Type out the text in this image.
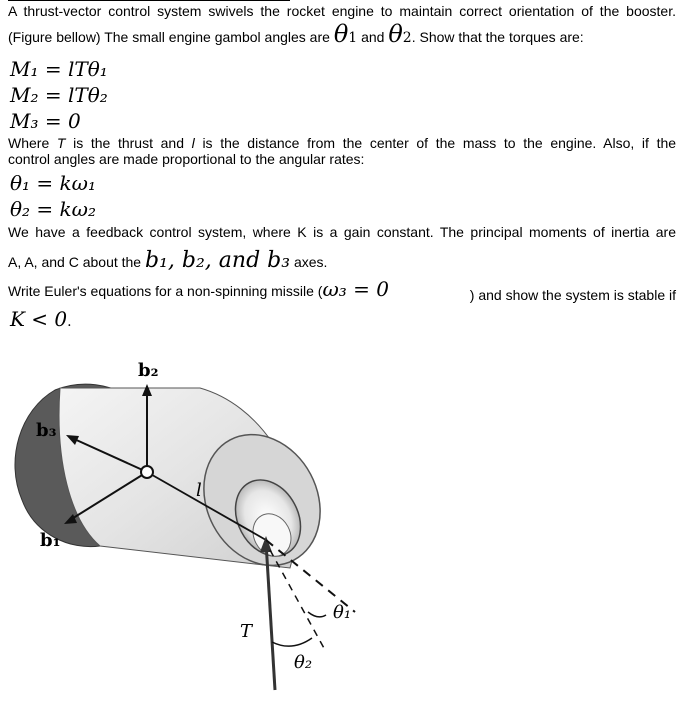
A thrust-vector control system swivels the rocket engine to maintain correct orientation of the booster.
(Figure bellow) The small engine gambol angles are θ1 and θ2. Show that the torques are:
M₁ = lTθ₁
M₂ = lTθ₂
M₃ = 0
Where T is the thrust and l is the distance from the center of the mass to the engine. Also, if the
control angles are made proportional to the angular rates:
θ₁ = kω₁
θ₂ = kω₂
We have a feedback control system, where K is a gain constant. The principal moments of inertia are
A, A, and C about the b₁, b₂, and b₃ axes.
Write Euler's equations for a non-spinning missile (ω₃ = 0	) and show the system is stable if
K < 0.
b₂
b₃
b₁
l
T
θ₁
θ₂
